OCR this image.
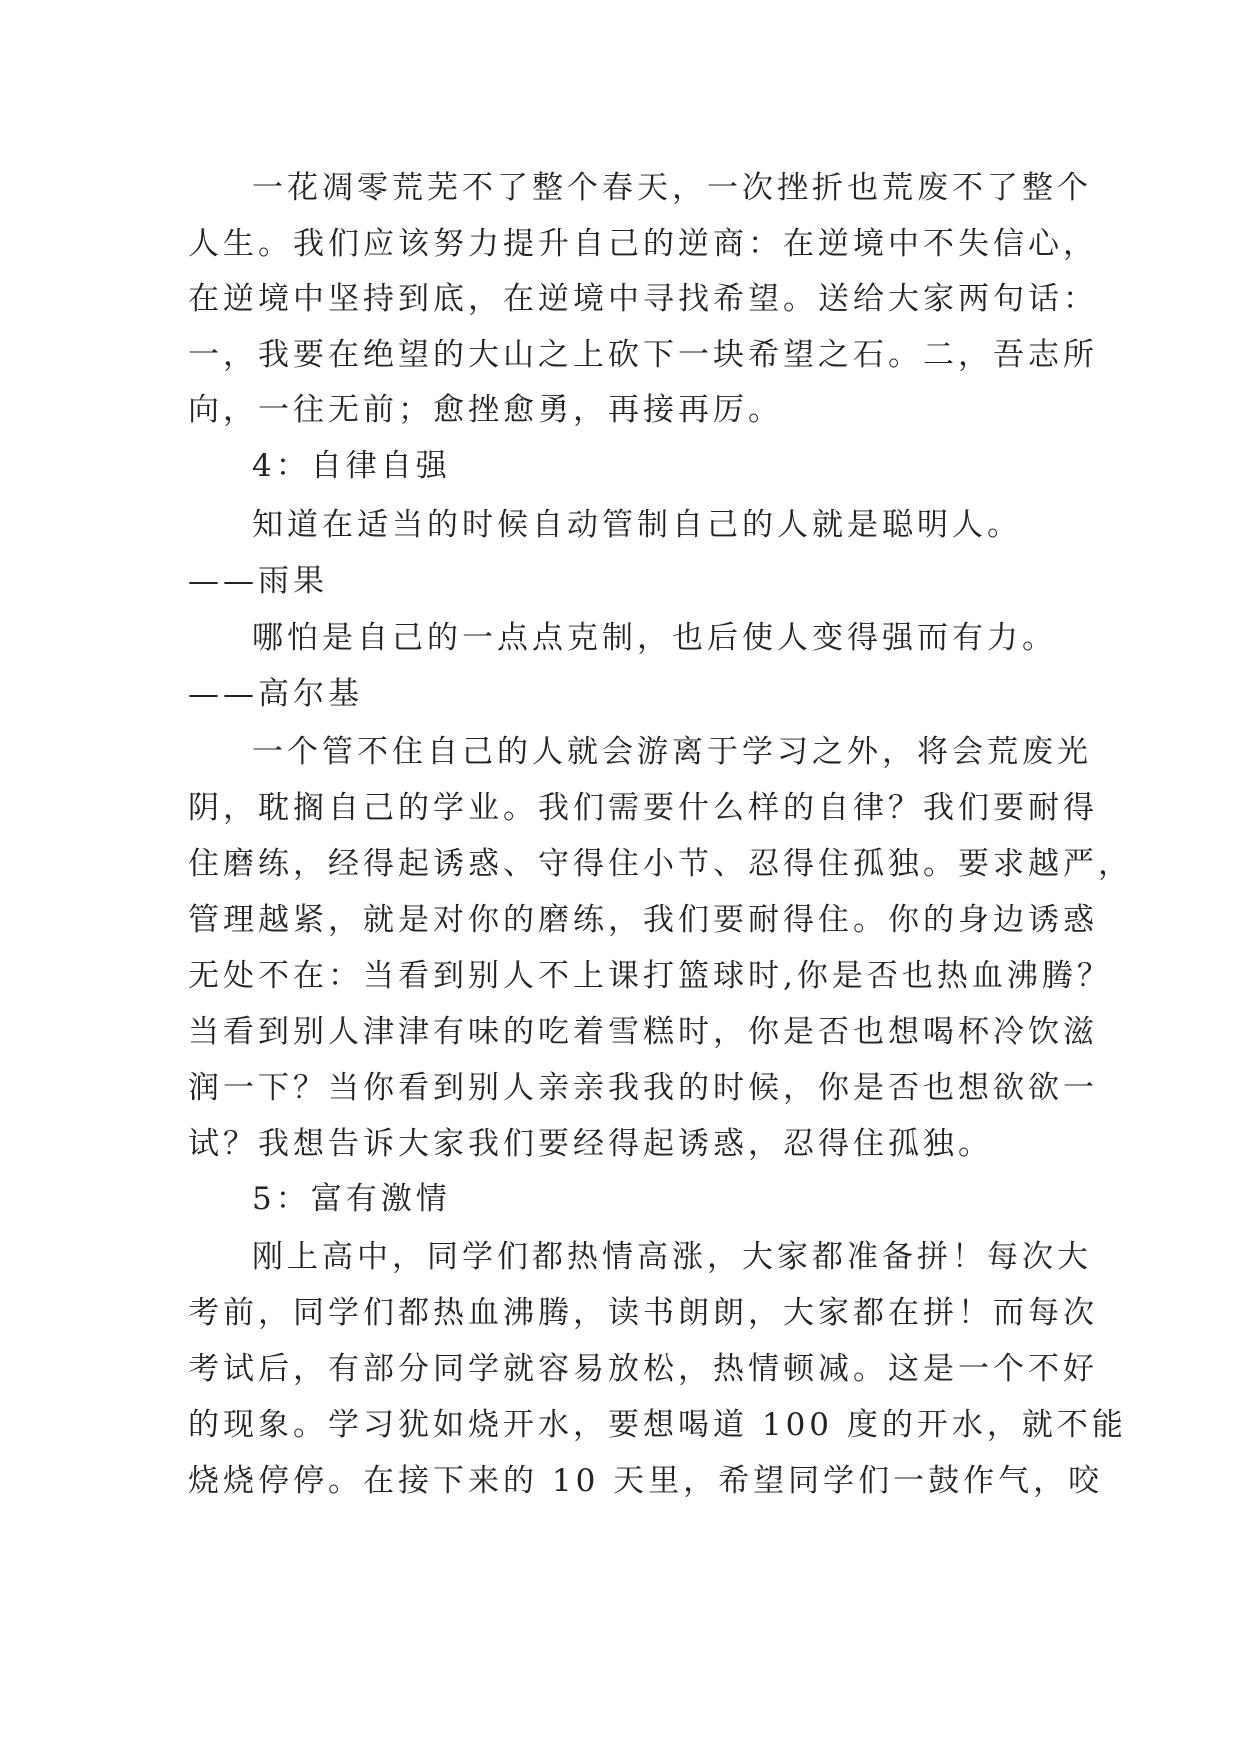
一花凋零荒芜不了整个春天，一次挫折也荒废不了整个
人生。我们应该努力提升自己的逆商：在逆境中不失信心，
在逆境中坚持到底，在逆境中寻找希望。送给大家两句话：
一，我要在绝望的大山之上砍下一块希望之石。二，吾志所
向，一往无前；愈挫愈勇，再接再厉。
4：自律自强
知道在适当的时候自动管制自己的人就是聪明人。
——雨果
哪怕是自己的一点点克制，也后使人变得强而有力。
——高尔基
一个管不住自己的人就会游离于学习之外，将会荒废光
阴，耽搁自己的学业。我们需要什么样的自律？我们要耐得
住磨练，经得起诱惑、守得住小节、忍得住孤独。要求越严，
管理越紧，就是对你的磨练，我们要耐得住。你的身边诱惑
无处不在：当看到别人不上课打篮球时,你是否也热血沸腾？
当看到别人津津有味的吃着雪糕时，你是否也想喝杯冷饮滋
润一下？当你看到别人亲亲我我的时候，你是否也想欲欲一
试？我想告诉大家我们要经得起诱惑，忍得住孤独。
5：富有激情
刚上高中，同学们都热情高涨，大家都准备拼！每次大
考前，同学们都热血沸腾，读书朗朗，大家都在拼！而每次
考试后，有部分同学就容易放松，热情顿减。这是一个不好
的现象。学习犹如烧开水，要想喝道 100 度的开水，就不能
烧烧停停。在接下来的 10 天里，希望同学们一鼓作气，咬
